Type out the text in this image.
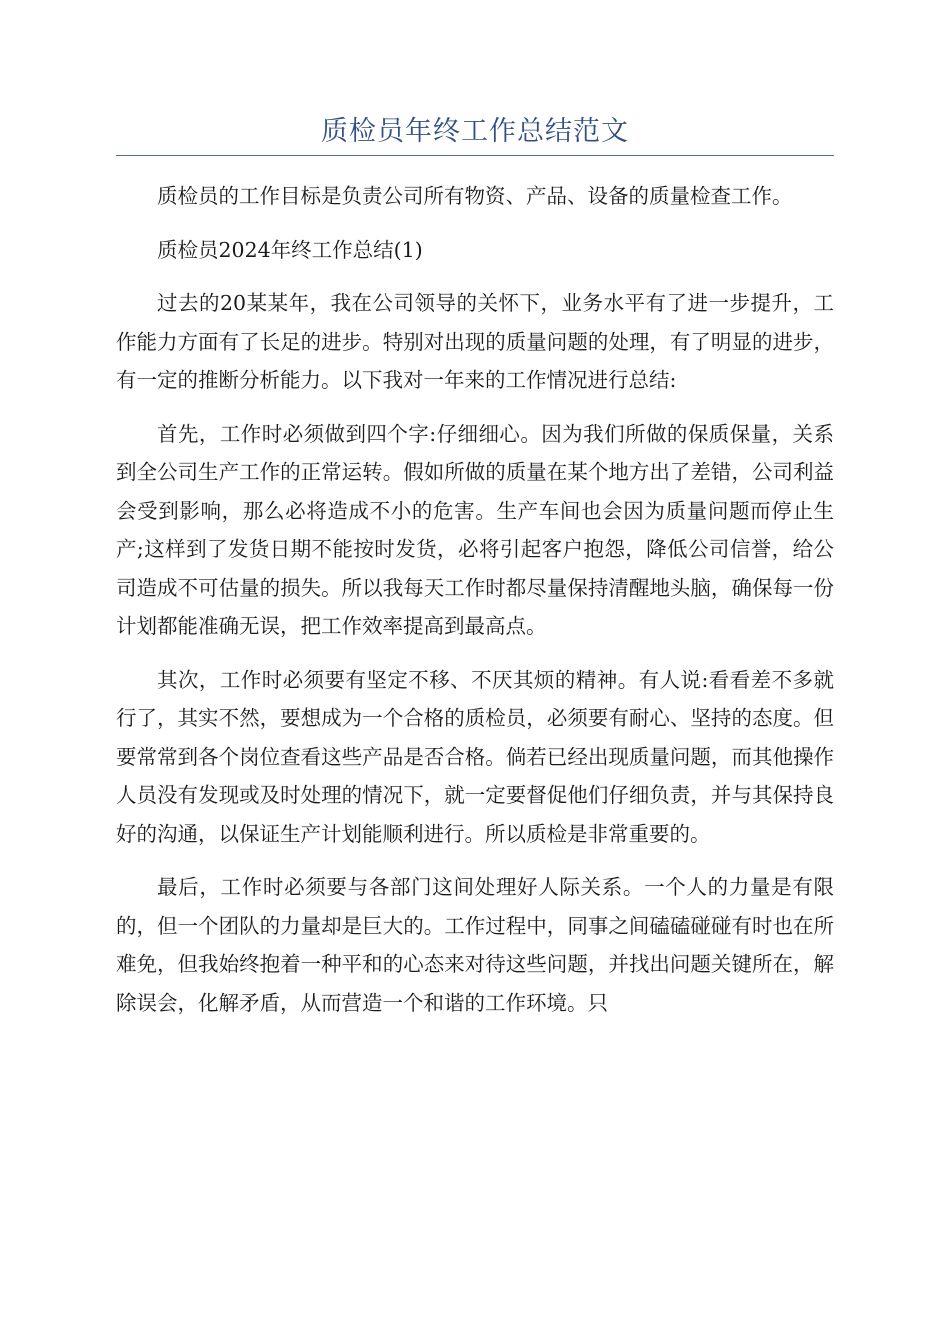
质检员年终工作总结范文

质检员的工作目标是负责公司所有物资、产品、设备的质量检查工作。

质检员2024年终工作总结(1)

过去的20某某年，我在公司领导的关怀下，业务水平有了进一步提升，工作能力方面有了长足的进步。特别对出现的质量问题的处理，有了明显的进步，有一定的推断分析能力。以下我对一年来的工作情况进行总结:

首先，工作时必须做到四个字:仔细细心。因为我们所做的保质保量，关系到全公司生产工作的正常运转。假如所做的质量在某个地方出了差错，公司利益会受到影响，那么必将造成不小的危害。生产车间也会因为质量问题而停止生产;这样到了发货日期不能按时发货，必将引起客户抱怨，降低公司信誉，给公司造成不可估量的损失。所以我每天工作时都尽量保持清醒地头脑，确保每一份计划都能准确无误，把工作效率提高到最高点。

其次，工作时必须要有坚定不移、不厌其烦的精神。有人说:看看差不多就行了，其实不然，要想成为一个合格的质检员，必须要有耐心、坚持的态度。但要常常到各个岗位查看这些产品是否合格。倘若已经出现质量问题，而其他操作人员没有发现或及时处理的情况下，就一定要督促他们仔细负责，并与其保持良好的沟通，以保证生产计划能顺利进行。所以质检是非常重要的。

最后，工作时必须要与各部门这间处理好人际关系。一个人的力量是有限的，但一个团队的力量却是巨大的。工作过程中，同事之间磕磕碰碰有时也在所难免，但我始终抱着一种平和的心态来对待这些问题，并找出问题关键所在，解除误会，化解矛盾，从而营造一个和谐的工作环境。只
